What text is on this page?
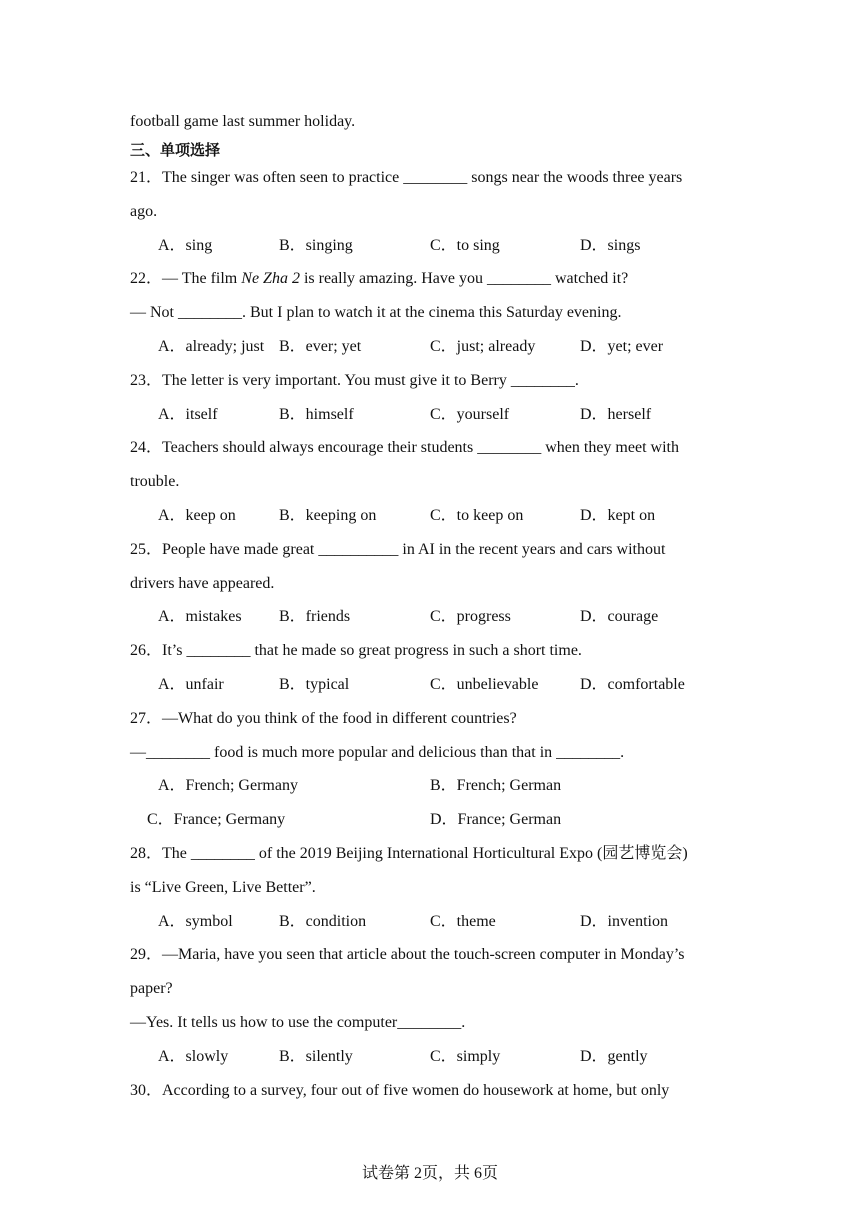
football game last summer holiday.
三、单项选择
21．The singer was often seen to practice ________ songs near the woods three years
ago.
A．sing	B．singing	C．to sing	D．sings
22．— The film Ne Zha 2 is really amazing. Have you ________ watched it?
— Not ________. But I plan to watch it at the cinema this Saturday evening.
A．already; just B．ever; yet	C．just; already	D．yet; ever
23．The letter is very important. You must give it to Berry ________.
A．itself	B．himself	C．yourself	D．herself
24．Teachers should always encourage their students ________ when they meet with
trouble.
A．keep on	B．keeping on	C．to keep on	D．kept on
25．People have made great __________ in AI in the recent years and cars without
drivers have appeared.
A．mistakes B．friends	C．progress	D．courage
26．It’s ________ that he made so great progress in such a short time.
A．unfair	B．typical	C．unbelievable	D．comfortable
27．—What do you think of the food in different countries?
—________ food is much more popular and delicious than that in ________.
A．French; Germany	B．French; German
C．France; Germany	D．France; German
28．The ________ of the 2019 Beijing International Horticultural Expo (园艺博览会)
is “Live Green, Live Better”.
A．symbol	B．condition	C．theme	D．invention
29．—Maria, have you seen that article about the touch-screen computer in Monday’s
paper?
—Yes. It tells us how to use the computer________.
A．slowly	B．silently	C．simply	D．gently
30．According to a survey, four out of five women do housework at home, but only
试卷第 2页，共 6页
